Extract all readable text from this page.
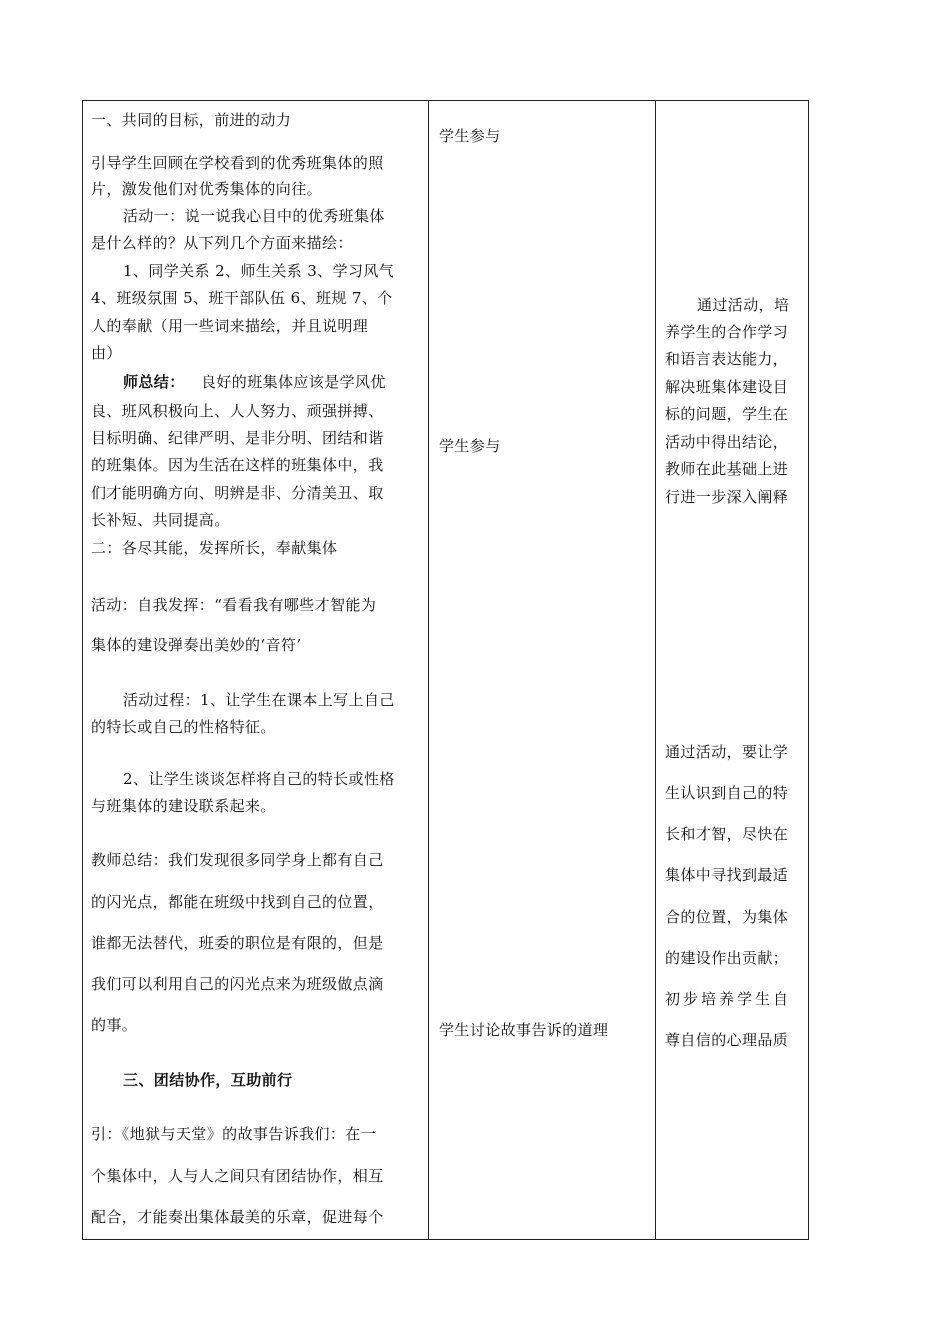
一、共同的目标，前进的动力
引导学生回顾在学校看到的优秀班集体的照
片，激发他们对优秀集体的向往。
活动一：说一说我心目中的优秀班集体
是什么样的？从下列几个方面来描绘：
1、同学关系 2、师生关系 3、学习风气
4、班级氛围 5、班干部队伍 6、班规 7、个
人的奉献（用一些词来描绘，并且说明理
由）
师总结： 良好的班集体应该是学风优
良、班风积极向上、人人努力、顽强拼搏、
目标明确、纪律严明、是非分明、团结和谐
的班集体。因为生活在这样的班集体中，我
们才能明确方向、明辨是非、分清美丑、取
长补短、共同提高。
二：各尽其能，发挥所长，奉献集体
活动：自我发挥：“看看我有哪些才智能为
集体的建设弹奏出美妙的‘音符’
活动过程：1、让学生在课本上写上自己
的特长或自己的性格特征。
2、让学生谈谈怎样将自己的特长或性格
与班集体的建设联系起来。
教师总结：我们发现很多同学身上都有自己
的闪光点，都能在班级中找到自己的位置，
谁都无法替代，班委的职位是有限的，但是
我们可以利用自己的闪光点来为班级做点滴
的事。
三、团结协作，互助前行
引：《地狱与天堂》的故事告诉我们：在一
个集体中，人与人之间只有团结协作，相互
配合，才能奏出集体最美的乐章，促进每个
学生参与
学生参与
学生讨论故事告诉的道理
通过活动，培
养学生的合作学习
和语言表达能力，
解决班集体建设目
标的问题，学生在
活动中得出结论，
教师在此基础上进
行进一步深入阐释
通过活动，要让学
生认识到自己的特
长和才智，尽快在
集体中寻找到最适
合的位置，为集体
的建设作出贡献；
初步培养学生自
尊自信的心理品质
